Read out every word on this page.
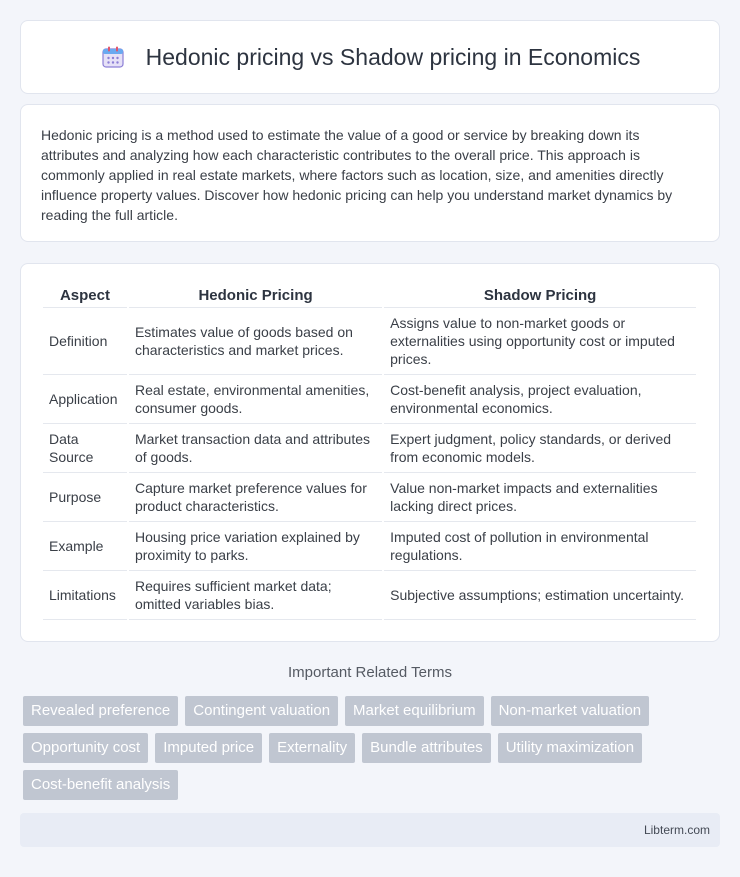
Hedonic pricing vs Shadow pricing in Economics

Hedonic pricing is a method used to estimate the value of a good or service by breaking down its attributes and analyzing how each characteristic contributes to the overall price. This approach is commonly applied in real estate markets, where factors such as location, size, and amenities directly influence property values. Discover how hedonic pricing can help you understand market dynamics by reading the full article.

Aspect	Hedonic Pricing	Shadow Pricing
Definition	Estimates value of goods based on characteristics and market prices.	Assigns value to non-market goods or externalities using opportunity cost or imputed prices.
Application	Real estate, environmental amenities, consumer goods.	Cost-benefit analysis, project evaluation, environmental economics.
Data Source	Market transaction data and attributes of goods.	Expert judgment, policy standards, or derived from economic models.
Purpose	Capture market preference values for product characteristics.	Value non-market impacts and externalities lacking direct prices.
Example	Housing price variation explained by proximity to parks.	Imputed cost of pollution in environmental regulations.
Limitations	Requires sufficient market data; omitted variables bias.	Subjective assumptions; estimation uncertainty.
Important Related Terms
Revealed preference	Contingent valuation	Market equilibrium	Non-market valuation
Opportunity cost	Imputed price	Externality	Bundle attributes	Utility maximization
Cost-benefit analysis
Libterm.com
